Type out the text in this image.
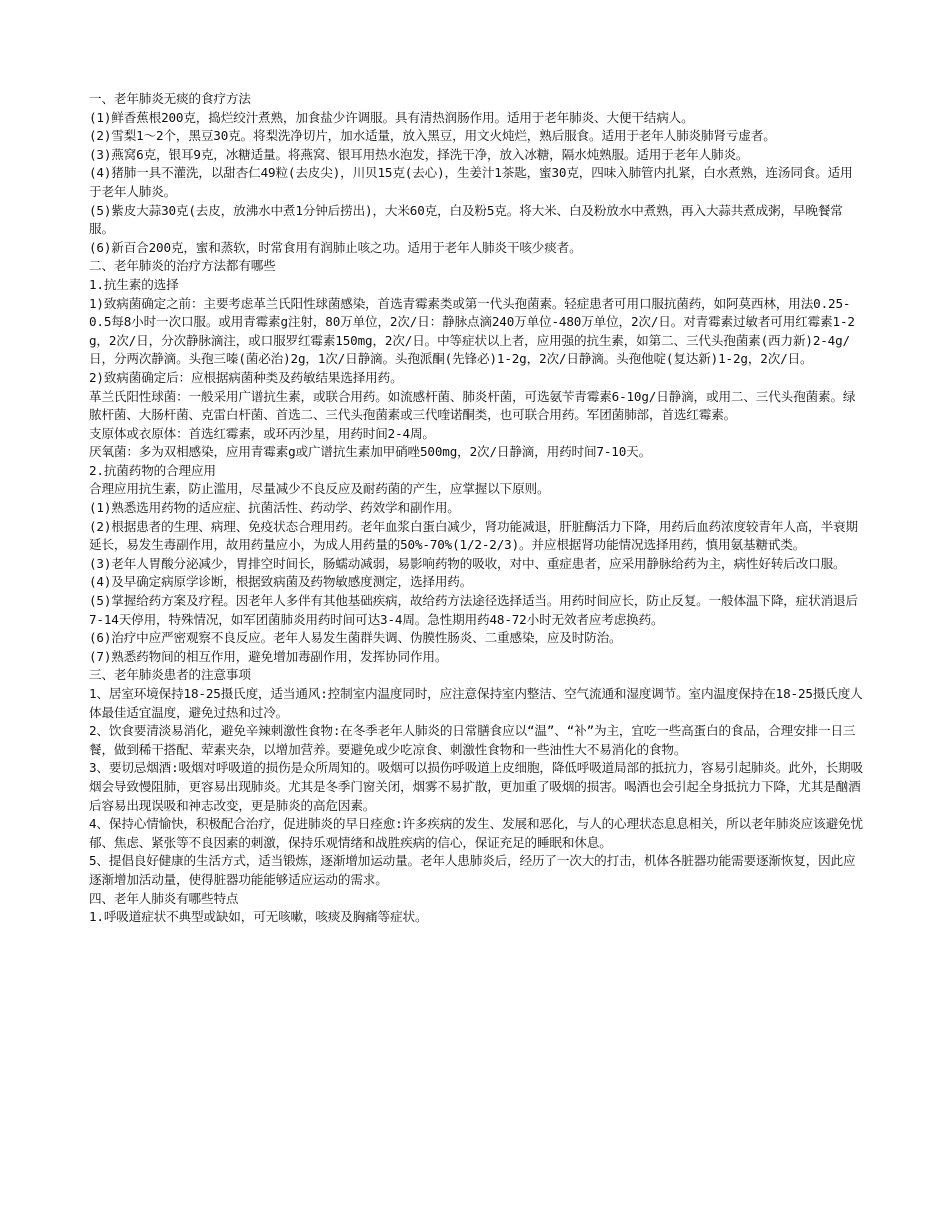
一、老年肺炎无痰的食疗方法

(1)鲜香蕉根200克，捣烂绞汁煮熟，加食盐少许调服。具有清热润肠作用。适用于老年肺炎、大便干结病人。

(2)雪梨1～2个，黑豆30克。将梨洗净切片，加水适量，放入黑豆，用文火炖烂，熟后服食。适用于老年人肺炎肺肾亏虚者。

(3)燕窝6克，银耳9克，冰糖适量。将燕窝、银耳用热水泡发，择洗干净，放入冰糖，隔水炖熟服。适用于老年人肺炎。

(4)猪肺一具不灌洗，以甜杏仁49粒(去皮尖)，川贝15克(去心)，生姜汁1茶匙，蜜30克，四味入肺管内扎紧，白水煮熟，连汤同食。适用于老年人肺炎。

(5)紫皮大蒜30克(去皮，放沸水中煮1分钟后捞出)，大米60克，白及粉5克。将大米、白及粉放水中煮熟，再入大蒜共煮成粥，早晚餐常服。

(6)新百合200克，蜜和蒸软，时常食用有润肺止咳之功。适用于老年人肺炎干咳少痰者。

二、老年肺炎的治疗方法都有哪些

1.抗生素的选择

1)致病菌确定之前：主要考虑革兰氏阳性球菌感染，首选青霉素类或第一代头孢菌素。轻症患者可用口服抗菌药，如阿莫西林，用法0.25-0.5每8小时一次口服。或用青霉素g注射，80万单位，2次/日：静脉点滴240万单位-480万单位，2次/日。对青霉素过敏者可用红霉素1-2g，2次/日，分次静脉滴注，或口服罗红霉素150mg，2次/日。中等症状以上者，应用强的抗生素，如第二、三代头孢菌素(西力新)2-4g/日，分两次静滴。头孢三嗪(菌必治)2g，1次/日静滴。头孢派酮(先锋必)1-2g，2次/日静滴。头孢他啶(复达新)1-2g，2次/日。

2)致病菌确定后：应根据病菌种类及药敏结果选择用药。

革兰氏阳性球菌：一般采用广谱抗生素，或联合用药。如流感杆菌、肺炎杆菌，可选氨苄青霉素6-10g/日静滴，或用二、三代头孢菌素。绿脓杆菌、大肠杆菌、克雷白杆菌、首选二、三代头孢菌素或三代喹诺酮类，也可联合用药。军团菌肺部，首选红霉素。

支原体或衣原体：首选红霉素，或环丙沙星，用药时间2-4周。

厌氧菌：多为双相感染，应用青霉素g或广谱抗生素加甲硝唑500mg，2次/日静滴，用药时间7-10天。

2.抗菌药物的合理应用

合理应用抗生素，防止滥用，尽量减少不良反应及耐药菌的产生，应掌握以下原则。

(1)熟悉选用药物的适应症、抗菌活性、药动学、药效学和副作用。

(2)根据患者的生理、病理、免疫状态合理用药。老年血浆白蛋白减少，肾功能减退，肝脏酶活力下降，用药后血药浓度较青年人高，半衰期延长，易发生毒副作用，故用药量应小，为成人用药量的50%-70%(1/2-2/3)。并应根据肾功能情况选择用药，慎用氨基糖甙类。

(3)老年人胃酸分泌减少，胃排空时间长，肠蠕动减弱，易影响药物的吸收，对中、重症患者，应采用静脉给药为主，病性好转后改口服。

(4)及早确定病原学诊断，根据致病菌及药物敏感度测定，选择用药。

(5)掌握给药方案及疗程。因老年人多伴有其他基础疾病，故给药方法途径选择适当。用药时间应长，防止反复。一般体温下降，症状消退后7-14天停用，特殊情况，如军团菌肺炎用药时间可达3-4周。急性期用药48-72小时无效者应考虑换药。

(6)治疗中应严密观察不良反应。老年人易发生菌群失调、伪膜性肠炎、二重感染，应及时防治。

(7)熟悉药物间的相互作用，避免增加毒副作用，发挥协同作用。

三、老年肺炎患者的注意事项

1、居室环境保持18-25摄氏度，适当通风:控制室内温度同时，应注意保持室内整洁、空气流通和湿度调节。室内温度保持在18-25摄氏度人体最佳适宜温度，避免过热和过冷。

2、饮食要清淡易消化，避免辛辣刺激性食物:在冬季老年人肺炎的日常膳食应以“温”、“补”为主，宜吃一些高蛋白的食品，合理安排一日三餐，做到稀干搭配、荤素夹杂，以增加营养。要避免或少吃凉食、刺激性食物和一些油性大不易消化的食物。

3、要切忌烟酒:吸烟对呼吸道的损伤是众所周知的。吸烟可以损伤呼吸道上皮细胞，降低呼吸道局部的抵抗力，容易引起肺炎。此外，长期吸烟会导致慢阻肺，更容易出现肺炎。尤其是冬季门窗关闭，烟雾不易扩散，更加重了吸烟的损害。喝酒也会引起全身抵抗力下降，尤其是酗酒后容易出现误吸和神志改变，更是肺炎的高危因素。

4、保持心情愉快，积极配合治疗，促进肺炎的早日痊愈:许多疾病的发生、发展和恶化，与人的心理状态息息相关，所以老年肺炎应该避免忧郁、焦虑、紧张等不良因素的刺激，保持乐观情绪和战胜疾病的信心，保证充足的睡眠和休息。

5、提倡良好健康的生活方式，适当锻炼，逐渐增加运动量。老年人患肺炎后，经历了一次大的打击，机体各脏器功能需要逐渐恢复，因此应逐渐增加活动量，使得脏器功能能够适应运动的需求。

四、老年人肺炎有哪些特点

1.呼吸道症状不典型或缺如，可无咳嗽，咳痰及胸痛等症状。
